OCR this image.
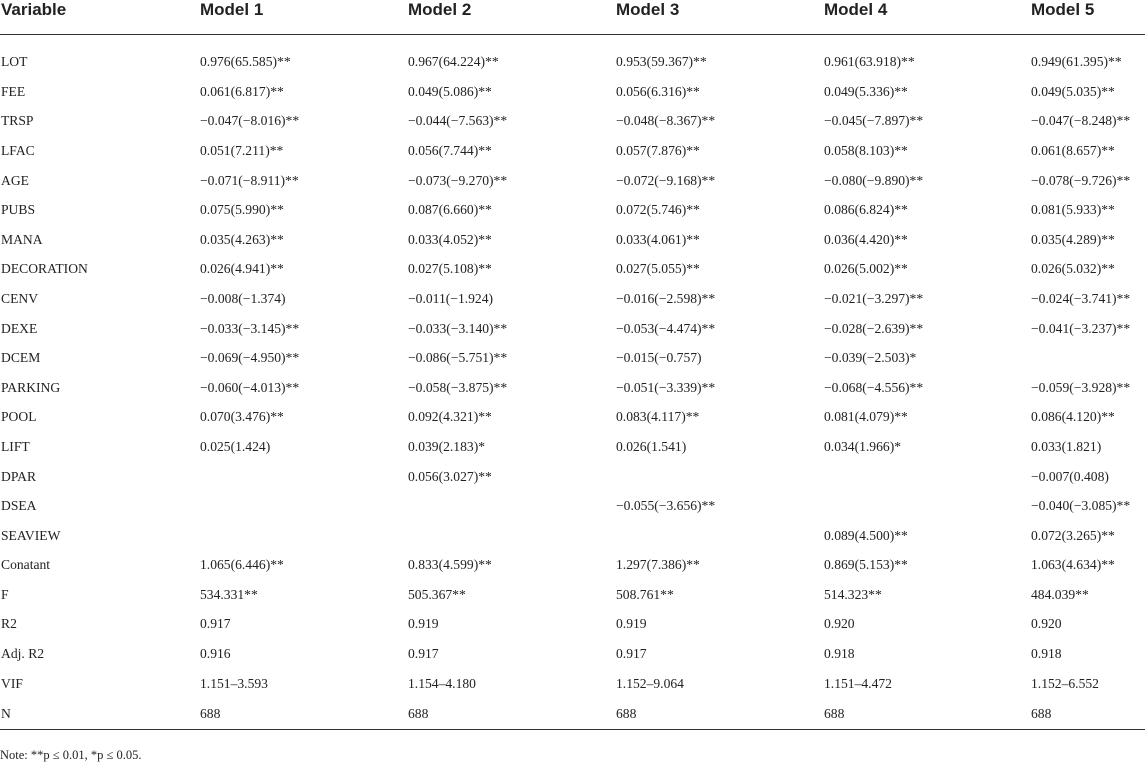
Variable	Model 1	Model 2	Model 3	Model 4	Model 5

LOT	0.976(65.585)**	0.967(64.224)**	0.953(59.367)**	0.961(63.918)**	0.949(61.395)**
FEE	0.061(6.817)**	0.049(5.086)**	0.056(6.316)**	0.049(5.336)**	0.049(5.035)**
TRSP	−0.047(−8.016)**	−0.044(−7.563)**	−0.048(−8.367)**	−0.045(−7.897)**	−0.047(−8.248)**
LFAC	0.051(7.211)**	0.056(7.744)**	0.057(7.876)**	0.058(8.103)**	0.061(8.657)**
AGE	−0.071(−8.911)**	−0.073(−9.270)**	−0.072(−9.168)**	−0.080(−9.890)**	−0.078(−9.726)**
PUBS	0.075(5.990)**	0.087(6.660)**	0.072(5.746)**	0.086(6.824)**	0.081(5.933)**
MANA	0.035(4.263)**	0.033(4.052)**	0.033(4.061)**	0.036(4.420)**	0.035(4.289)**
DECORATION	0.026(4.941)**	0.027(5.108)**	0.027(5.055)**	0.026(5.002)**	0.026(5.032)**
CENV	−0.008(−1.374)	−0.011(−1.924)	−0.016(−2.598)**	−0.021(−3.297)**	−0.024(−3.741)**
DEXE	−0.033(−3.145)**	−0.033(−3.140)**	−0.053(−4.474)**	−0.028(−2.639)**	−0.041(−3.237)**
DCEM	−0.069(−4.950)**	−0.086(−5.751)**	−0.015(−0.757)	−0.039(−2.503)*	
PARKING	−0.060(−4.013)**	−0.058(−3.875)**	−0.051(−3.339)**	−0.068(−4.556)**	−0.059(−3.928)**
POOL	0.070(3.476)**	0.092(4.321)**	0.083(4.117)**	0.081(4.079)**	0.086(4.120)**
LIFT	0.025(1.424)	0.039(2.183)*	0.026(1.541)	0.034(1.966)*	0.033(1.821)
DPAR		0.056(3.027)**			−0.007(0.408)
DSEA			−0.055(−3.656)**		−0.040(−3.085)**
SEAVIEW				0.089(4.500)**	0.072(3.265)**
Conatant	1.065(6.446)**	0.833(4.599)**	1.297(7.386)**	0.869(5.153)**	1.063(4.634)**
F	534.331**	505.367**	508.761**	514.323**	484.039**
R2	0.917	0.919	0.919	0.920	0.920
Adj. R2	0.916	0.917	0.917	0.918	0.918
VIF	1.151–3.593	1.154–4.180	1.152–9.064	1.151–4.472	1.152–6.552
N	688	688	688	688	688
Note: **p ≤ 0.01, *p ≤ 0.05.
